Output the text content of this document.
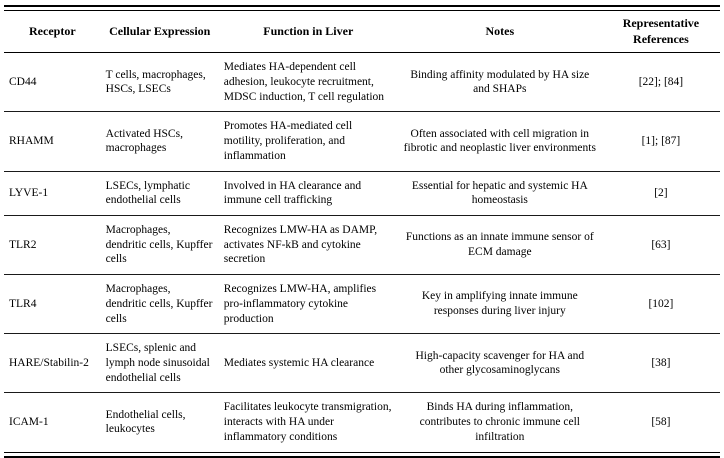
Receptor	Cellular Expression	Function in Liver	Notes	Representative References
CD44	T cells, macrophages, HSCs, LSECs	Mediates HA-dependent cell adhesion, leukocyte recruitment, MDSC induction, T cell regulation	Binding affinity modulated by HA size and SHAPs	[22]; [84]
RHAMM	Activated HSCs, macrophages	Promotes HA-mediated cell motility, proliferation, and inflammation	Often associated with cell migration in fibrotic and neoplastic liver environments	[1]; [87]
LYVE-1	LSECs, lymphatic endothelial cells	Involved in HA clearance and immune cell trafficking	Essential for hepatic and systemic HA homeostasis	[2]
TLR2	Macrophages, dendritic cells, Kupffer cells	Recognizes LMW-HA as DAMP, activates NF-kB and cytokine secretion	Functions as an innate immune sensor of ECM damage	[63]
TLR4	Macrophages, dendritic cells, Kupffer cells	Recognizes LMW-HA, amplifies pro-inflammatory cytokine production	Key in amplifying innate immune responses during liver injury	[102]
HARE/Stabilin-2	LSECs, splenic and lymph node sinusoidal endothelial cells	Mediates systemic HA clearance	High-capacity scavenger for HA and other glycosaminoglycans	[38]
ICAM-1	Endothelial cells, leukocytes	Facilitates leukocyte transmigration, interacts with HA under inflammatory conditions	Binds HA during inflammation, contributes to chronic immune cell infiltration	[58]
